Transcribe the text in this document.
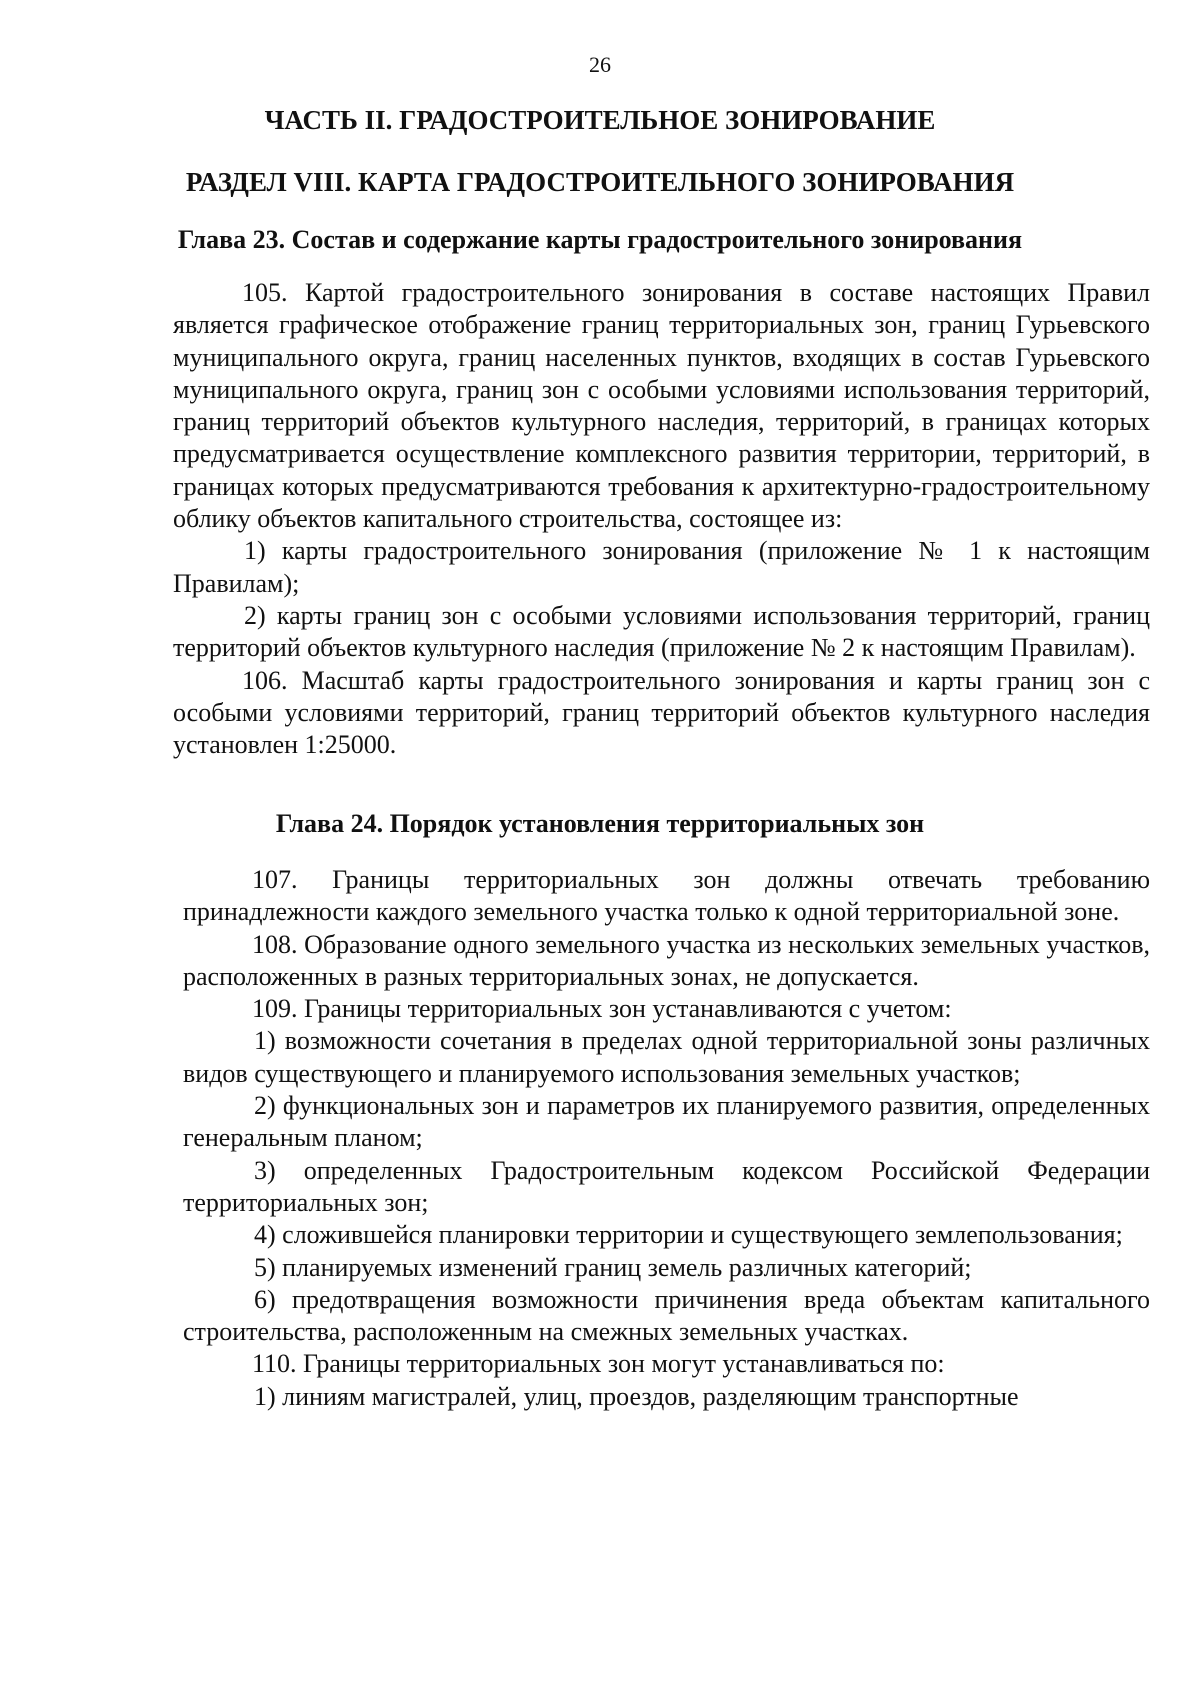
26
ЧАСТЬ II. ГРАДОСТРОИТЕЛЬНОЕ ЗОНИРОВАНИЕ
РАЗДЕЛ VIII. КАРТА ГРАДОСТРОИТЕЛЬНОГО ЗОНИРОВАНИЯ
Глава 23. Состав и содержание карты градостроительного зонирования

105. Картой градостроительного зонирования в составе настоящих Правил является графическое отображение границ территориальных зон, границ Гурьевского муниципального округа, границ населенных пунктов, входящих в состав Гурьевского муниципального округа, границ зон с особыми условиями использования территорий, границ территорий объектов культурного наследия, территорий, в границах которых предусматривается осуществление комплексного развития территории, территорий, в границах которых предусматриваются требования к архитектурно-градостроительному облику объектов капитального строительства, состоящее из:

1) карты градостроительного зонирования (приложение № 1 к настоящим Правилам);

2) карты границ зон с особыми условиями использования территорий, границ территорий объектов культурного наследия (приложение № 2 к настоящим Правилам).

106. Масштаб карты градостроительного зонирования и карты границ зон с особыми условиями территорий, границ территорий объектов культурного наследия установлен 1:25000.

Глава 24. Порядок установления территориальных зон

107. Границы территориальных зон должны отвечать требованию принадлежности каждого земельного участка только к одной территориальной зоне.

108. Образование одного земельного участка из нескольких земельных участков, расположенных в разных территориальных зонах, не допускается.

109. Границы территориальных зон устанавливаются с учетом:

1) возможности сочетания в пределах одной территориальной зоны различных видов существующего и планируемого использования земельных участков;

2) функциональных зон и параметров их планируемого развития, определенных генеральным планом;

3) определенных Градостроительным кодексом Российской Федерации территориальных зон;

4) сложившейся планировки территории и существующего землепользования;

5) планируемых изменений границ земель различных категорий;

6) предотвращения возможности причинения вреда объектам капитального строительства, расположенным на смежных земельных участках.

110. Границы территориальных зон могут устанавливаться по:

1) линиям магистралей, улиц, проездов, разделяющим транспортные
